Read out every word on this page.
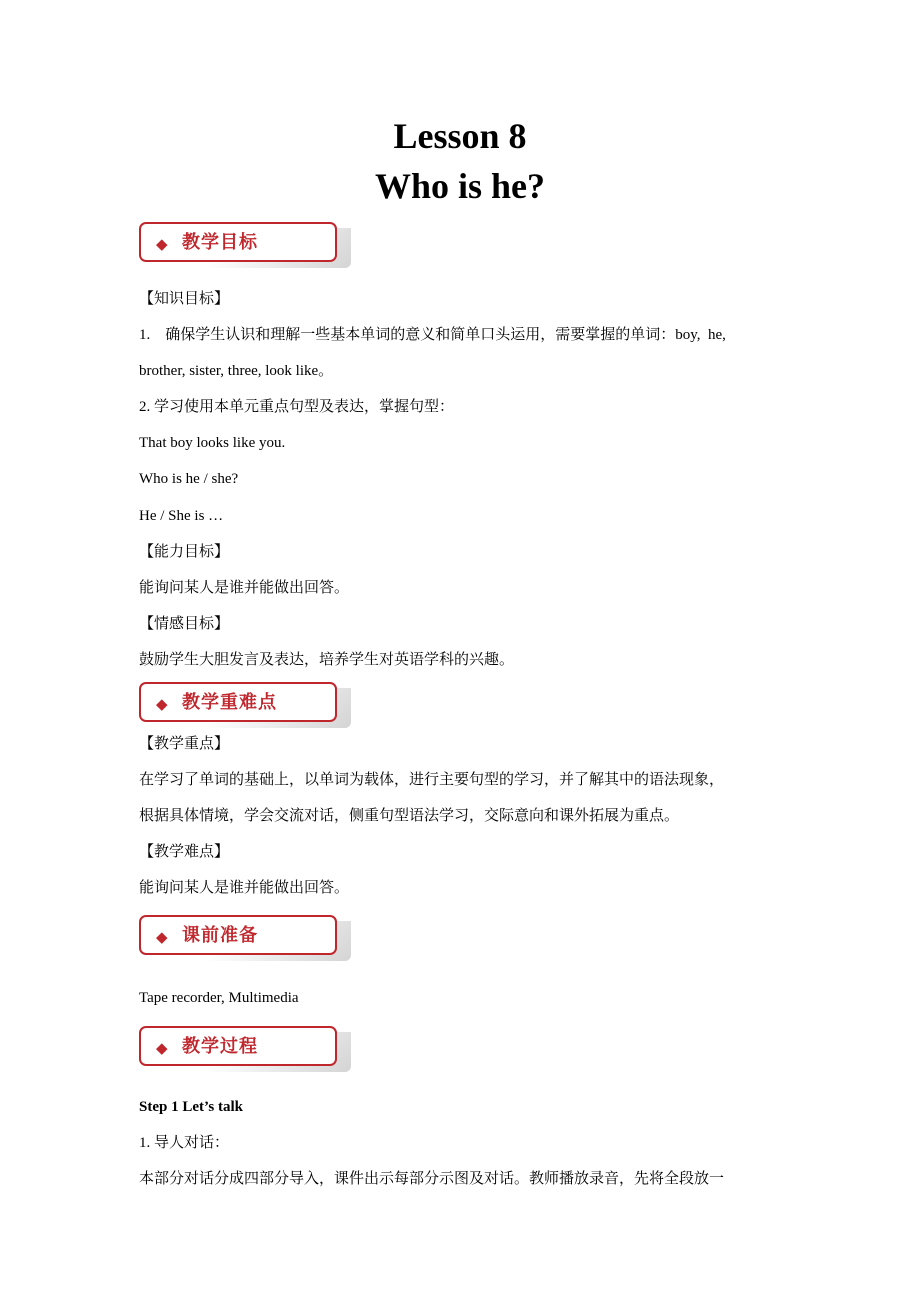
Lesson 8
Who is he?
◆ 教学目标
【知识目标】
1.　确保学生认识和理解一些基本单词的意义和简单口头运用，需要掌握的单词：boy,  he,
brother, sister, three, look like。
2. 学习使用本单元重点句型及表达，掌握句型：
That boy looks like you.
Who is he / she?
He / She is …
【能力目标】
能询问某人是谁并能做出回答。
【情感目标】
鼓励学生大胆发言及表达，培养学生对英语学科的兴趣。
◆ 教学重难点
【教学重点】
在学习了单词的基础上，以单词为载体，进行主要句型的学习，并了解其中的语法现象，
根据具体情境，学会交流对话，侧重句型语法学习，交际意向和课外拓展为重点。
【教学难点】
能询问某人是谁并能做出回答。
◆ 课前准备
Tape recorder, Multimedia
◆ 教学过程
Step 1 Let’s talk
1. 导人对话：
本部分对话分成四部分导入，课件出示每部分示图及对话。教师播放录音，先将全段放一
